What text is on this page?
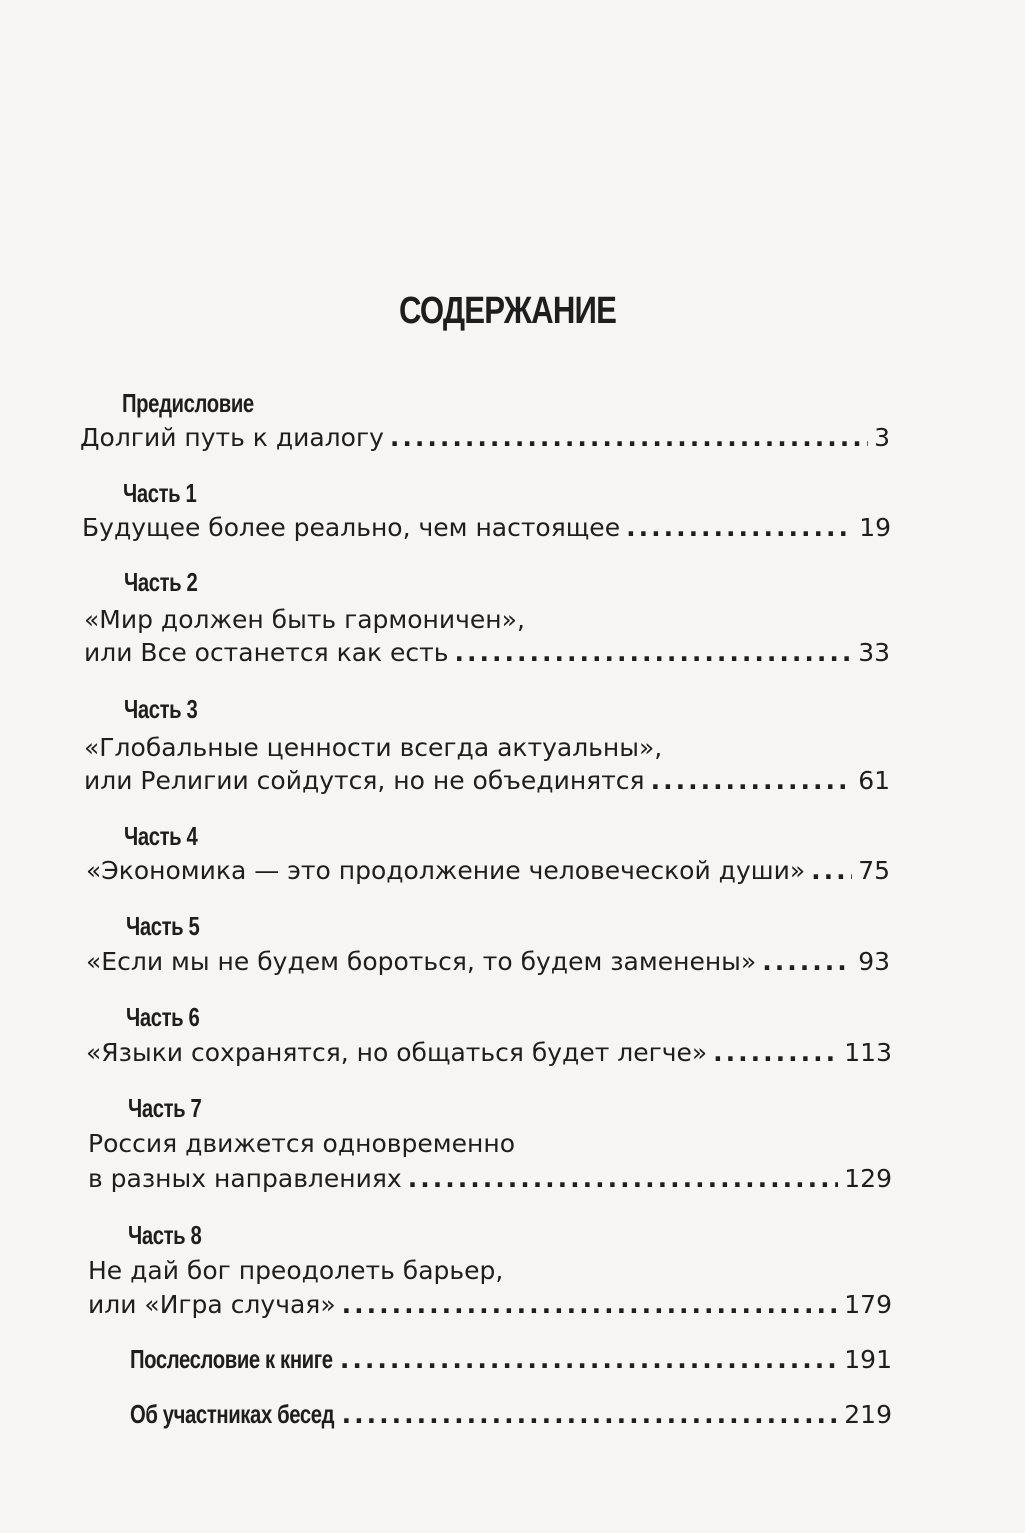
СОДЕРЖАНИЕ
Предисловие
Долгий путь к диалогу .....	3
Часть 1
Будущее более реально, чем настоящее .....	19
Часть 2
«Мир должен быть гармоничен»,
или Все останется как есть .....	33
Часть 3
«Глобальные ценности всегда актуальны»,
или Религии сойдутся, но не объединятся .....	61
Часть 4
«Экономика — это продолжение человеческой души» ..... 75
Часть 5
«Если мы не будем бороться, то будем заменены» .....	93
Часть 6
«Языки сохранятся, но общаться будет легче» .....	113
Часть 7
Россия движется одновременно
в разных направлениях .....	129
Часть 8
Не дай бог преодолеть барьер,
или «Игра случая» .....	179
Послесловие к книге .....	191
Об участниках бесед .....	219
